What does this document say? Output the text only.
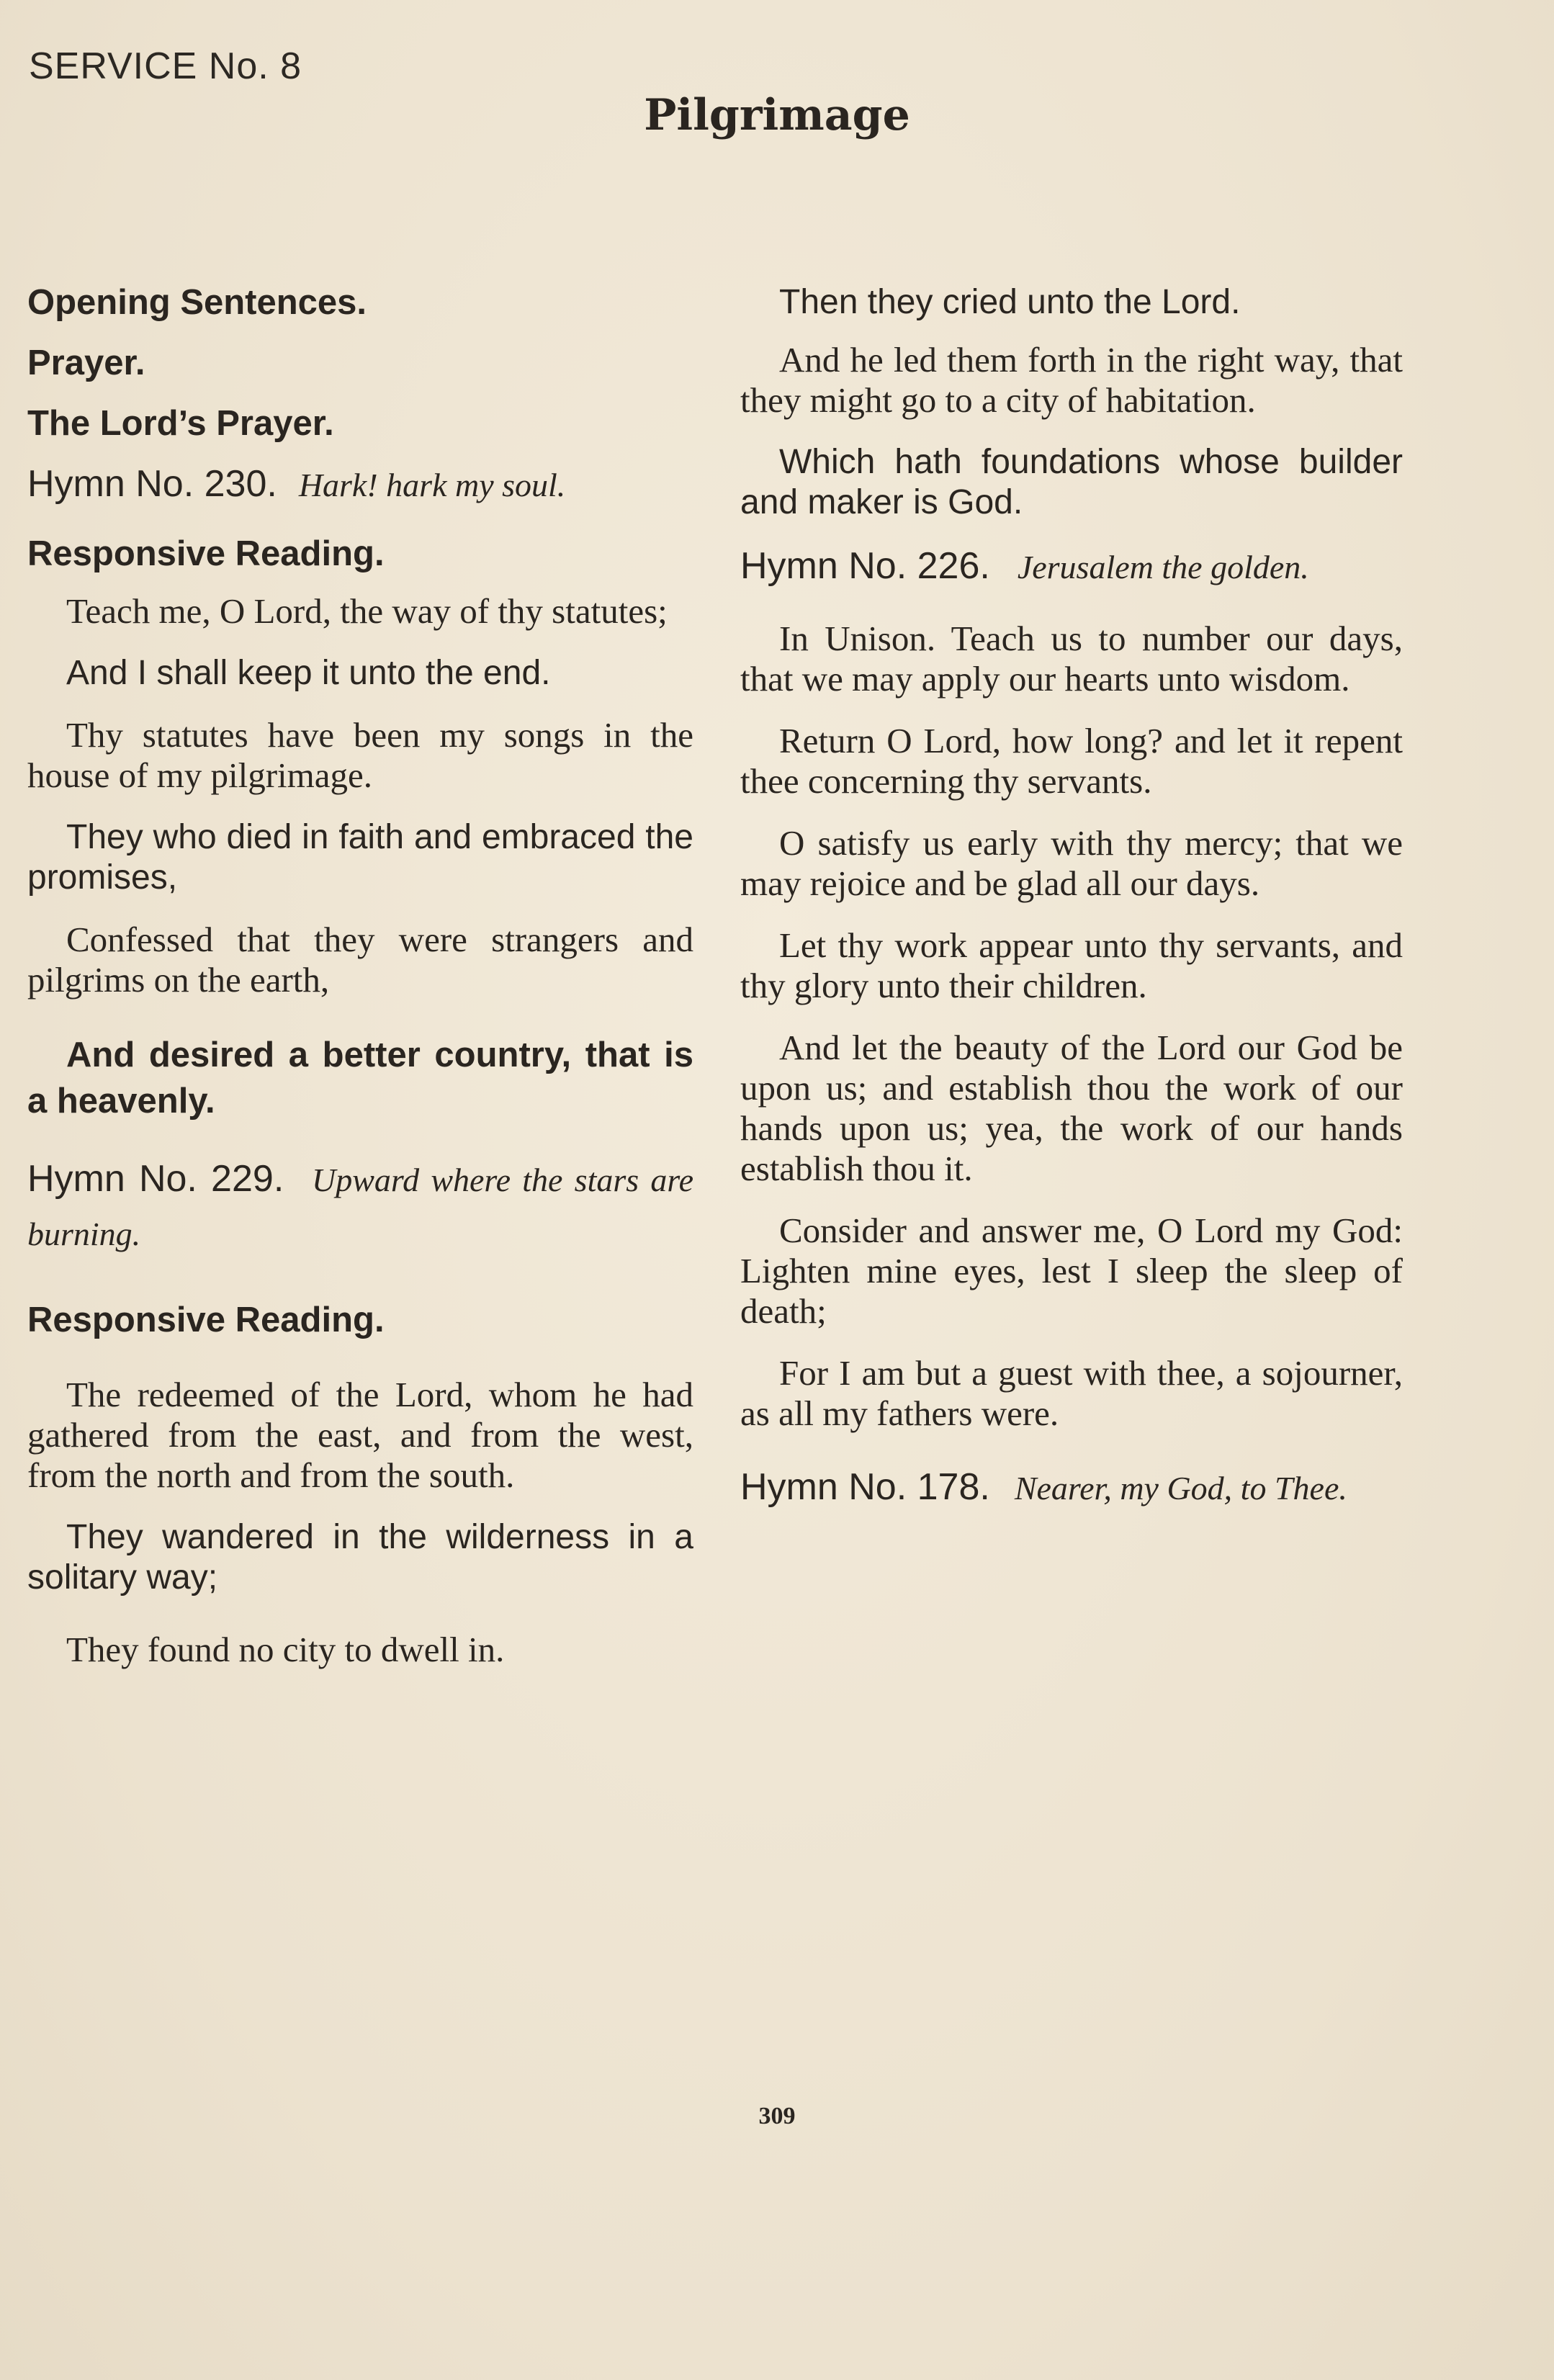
SERVICE No. 8
Pilgrimage

Opening Sentences.

Prayer.

The Lord’s Prayer.

Hymn No. 230. Hark! hark my soul.

Responsive Reading.

Teach me, O Lord, the way of thy statutes;

And I shall keep it unto the end.

Thy statutes have been my songs in the house of my pilgrimage.

They who died in faith and embraced the promises,

Confessed that they were strangers and pilgrims on the earth,

And desired a better country, that is a heavenly.

Hymn No. 229. Upward where the stars are burning.

Responsive Reading.

The redeemed of the Lord, whom he had gathered from the east, and from the west, from the north and from the south.

They wandered in the wilderness in a solitary way;

They found no city to dwell in.

Then they cried unto the Lord.

And he led them forth in the right way, that they might go to a city of habitation.

Which hath foundations whose builder and maker is God.

Hymn No. 226. Jerusalem the golden.

In Unison. Teach us to number our days, that we may apply our hearts unto wisdom.

Return O Lord, how long? and let it repent thee concerning thy servants.

O satisfy us early with thy mercy; that we may rejoice and be glad all our days.

Let thy work appear unto thy servants, and thy glory unto their children.

And let the beauty of the Lord our God be upon us; and establish thou the work of our hands upon us; yea, the work of our hands establish thou it.

Consider and answer me, O Lord my God: Lighten mine eyes, lest I sleep the sleep of death;

For I am but a guest with thee, a sojourner, as all my fathers were.

Hymn No. 178. Nearer, my God, to Thee.

309
